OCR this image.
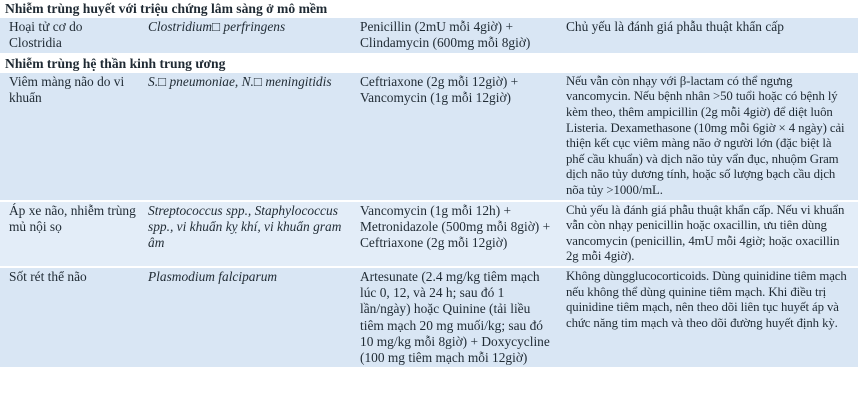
Nhiễm trùng huyết với triệu chứng lâm sàng ở mô mềm			
Hoại tử cơ do Clostridia	Clostridium□ perfringens	Penicillin (2mU mỗi 4giờ) + Clindamycin (600mg mỗi 8giờ)	Chủ yếu là đánh giá phẫu thuật khẩn cấp
Nhiễm trùng hệ thần kinh trung ương			
Viêm màng não do vi khuẩn	S.□ pneumoniae, N.□ meningitidis	Ceftriaxone (2g mỗi 12giờ) + Vancomycin (1g mỗi 12giờ)	Nếu vẫn còn nhạy với β-lactam có thể ngưng vancomycin. Nếu bệnh nhân >50 tuổi hoặc có bệnh lý kèm theo, thêm ampicillin (2g mỗi 4giờ) để diệt luôn Listeria. Dexamethasone (10mg mỗi 6giờ × 4 ngày) cải thiện kết cục viêm màng não ở người lớn (đặc biệt là phế cầu khuẩn) và dịch não tủy vẩn đục, nhuộm Gram dịch não tủy dương tính, hoặc số lượng bạch cầu dịch nõa tủy >1000/mL.
Áp xe não, nhiễm trùng mủ nội sọ	Streptococcus spp., Staphylococcus spp., vi khuẩn kỵ khí, vi khuẩn gram âm	Vancomycin (1g mỗi 12h) + Metronidazole (500mg mỗi 8giờ) + Ceftriaxone (2g mỗi 12giờ)	Chủ yếu là đánh giá phẫu thuật khẩn cấp. Nếu vi khuẩn vẫn còn nhạy penicillin hoặc oxacillin, ưu tiên dùng vancomycin (penicillin, 4mU mỗi 4giờ; hoặc oxacillin 2g mỗi 4giờ).
Sốt rét thể não	Plasmodium falciparum	Artesunate (2.4 mg/kg tiêm mạch lúc 0, 12, và 24 h; sau đó 1 lần/ngày) hoặc Quinine (tải liều tiêm mạch 20 mg muối/kg; sau đó 10 mg/kg mỗi 8giờ) + Doxycycline (100 mg tiêm mạch mỗi 12giờ)	Không dùngglucocorticoids. Dùng quinidine tiêm mạch nếu không thể dùng quinine tiêm mạch. Khi điều trị quinidine tiêm mạch, nên theo dõi liên tục huyết áp và chức năng tim mạch và theo dõi đường huyết định kỳ.
